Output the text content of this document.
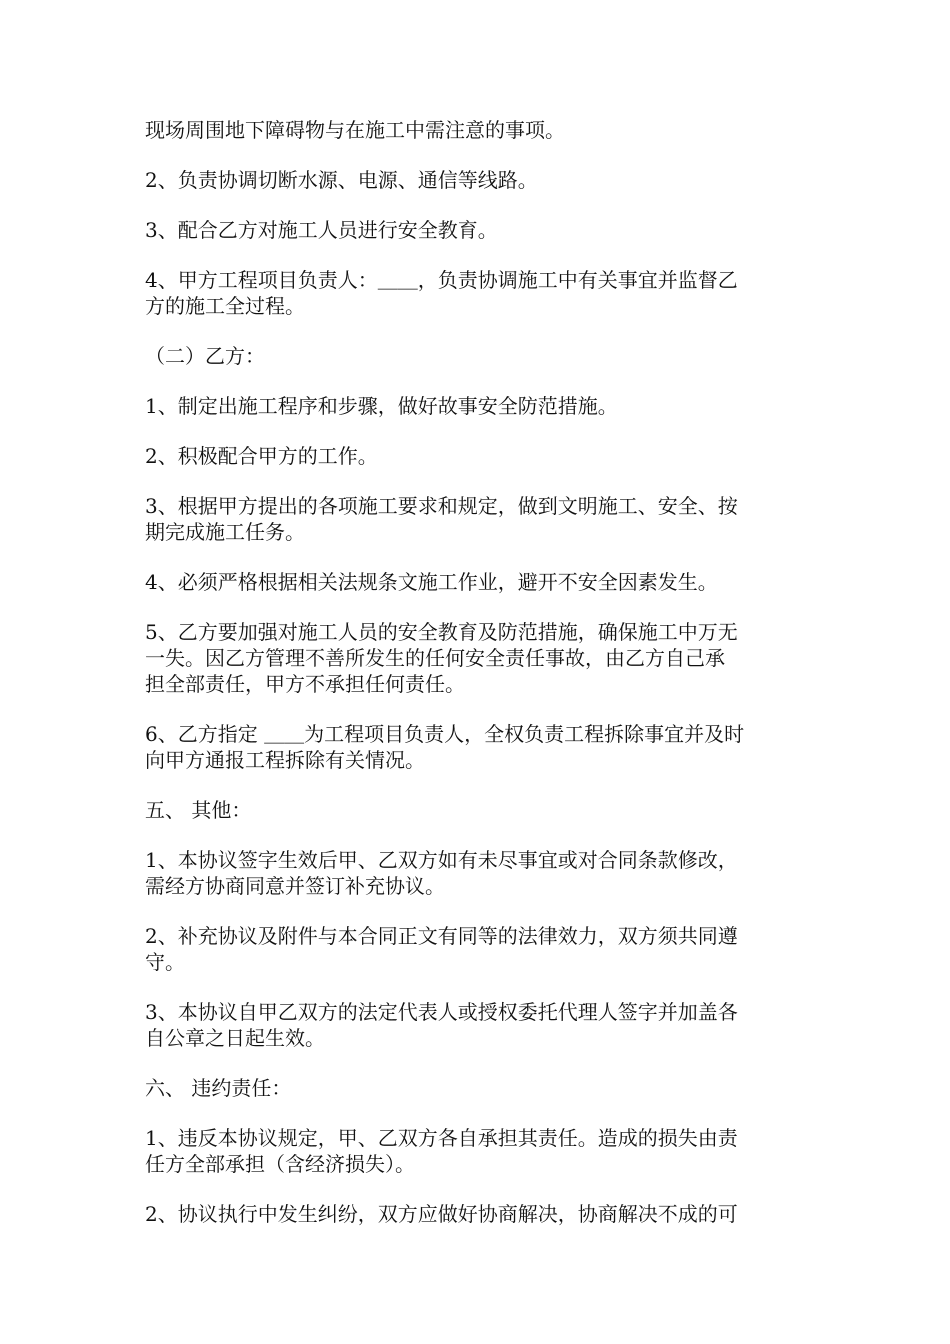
现场周围地下障碍物与在施工中需注意的事项。

2、负责协调切断水源、电源、通信等线路。

3、配合乙方对施工人员进行安全教育。

4、甲方工程项目负责人：＿＿，负责协调施工中有关事宜并监督乙
方的施工全过程。

（二）乙方：

1、制定出施工程序和步骤，做好故事安全防范措施。

2、积极配合甲方的工作。

3、根据甲方提出的各项施工要求和规定，做到文明施工、安全、按
期完成施工任务。

4、必须严格根据相关法规条文施工作业，避开不安全因素发生。

5、乙方要加强对施工人员的安全教育及防范措施，确保施工中万无
一失。因乙方管理不善所发生的任何安全责任事故，由乙方自己承
担全部责任，甲方不承担任何责任。

6、乙方指定 ＿＿为工程项目负责人，全权负责工程拆除事宜并及时
向甲方通报工程拆除有关情况。

五、 其他：

1、本协议签字生效后甲、乙双方如有未尽事宜或对合同条款修改，
需经方协商同意并签订补充协议。

2、补充协议及附件与本合同正文有同等的法律效力，双方须共同遵
守。

3、本协议自甲乙双方的法定代表人或授权委托代理人签字并加盖各
自公章之日起生效。

六、 违约责任：

1、违反本协议规定，甲、乙双方各自承担其责任。造成的损失由责
任方全部承担（含经济损失）。

2、协议执行中发生纠纷，双方应做好协商解决，协商解决不成的可
